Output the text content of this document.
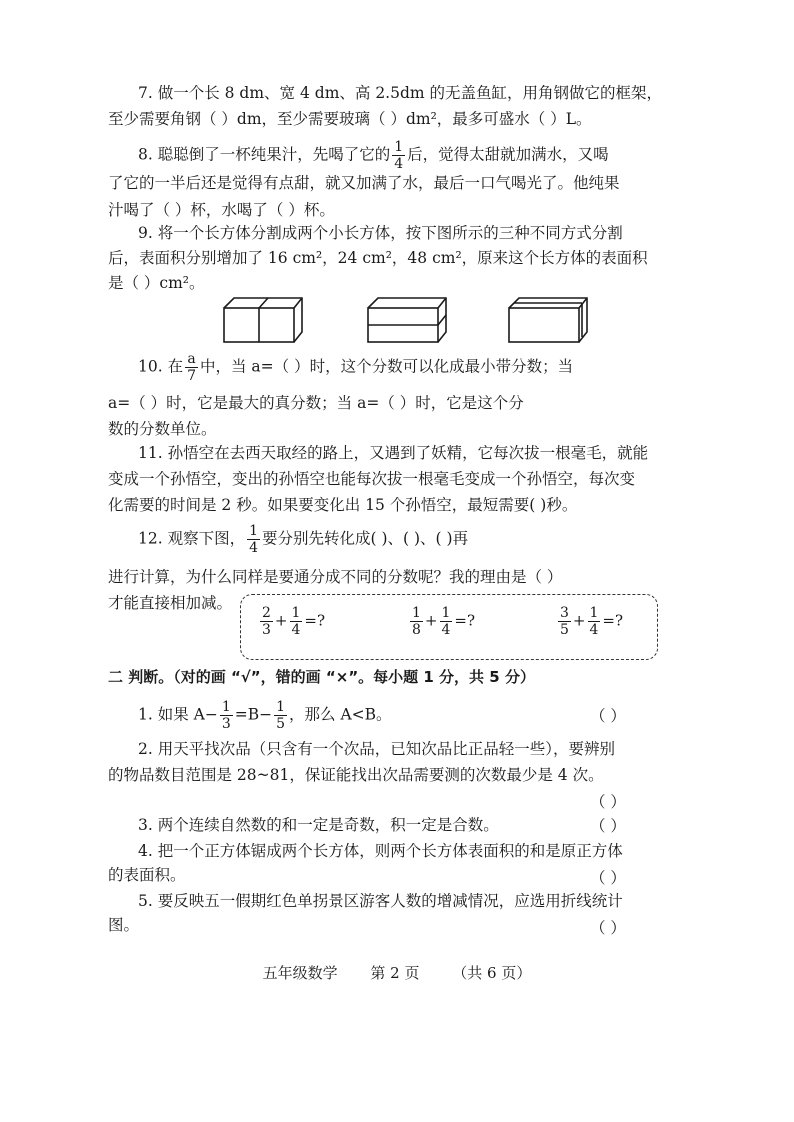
7. 做一个长 8 dm、宽 4 dm、高 2.5dm 的无盖鱼缸，用角钢做它的框架，
至少需要角钢（ ）dm，至少需要玻璃（ ）dm²，最多可盛水（ ）L。
8. 聪聪倒了一杯纯果汁，先喝了它的 $\frac{1}{4}$ 后，觉得太甜就加满水，又喝
了它的一半后还是觉得有点甜，就又加满了水，最后一口气喝光了。他纯果
汁喝了（ ）杯，水喝了（ ）杯。
9. 将一个长方体分割成两个小长方体，按下图所示的三种不同方式分割
后，表面积分别增加了 16 cm²，24 cm²，48 cm²，原来这个长方体的表面积
是（ ）cm²。
10. 在 $\frac{a}{7}$ 中，当 a=（ ）时，这个分数可以化成最小带分数；当
a=（ ）时，它是最大的真分数；当 a=（ ）时，它是这个分
数的分数单位。
11. 孙悟空在去西天取经的路上，又遇到了妖精，它每次拔一根毫毛，就能
变成一个孙悟空，变出的孙悟空也能每次拔一根毫毛变成一个孙悟空，每次变
化需要的时间是 2 秒。如果要变化出 15 个孙悟空，最短需要( )秒。
12. 观察下图， $\frac{1}{4}$ 要分别先转化成( )、( )、( )再
进行计算，为什么同样是要通分成不同的分数呢？我的理由是（ ）
才能直接相加减。
$\frac{2}{3} + \frac{1}{4}$ =?	$\frac{1}{8} + \frac{1}{4}$ =?	$\frac{3}{5} + \frac{1}{4}$ =?
二 判断。（对的画 “√”，错的画 “×”。每小题 1 分，共 5 分）
1. 如果 $A- \frac{1}{3} =B- \frac{1}{5}$ ，那么 A<B。	（ ）
2. 用天平找次品（只含有一个次品，已知次品比正品轻一些），要辨别
的物品数目范围是 28~81，保证能找出次品需要测的次数最少是 4 次。
（ ）
3. 两个连续自然数的和一定是奇数，积一定是合数。	（ ）
4. 把一个正方体锯成两个长方体，则两个长方体表面积的和是原正方体
的表面积。	（ ）
5. 要反映五一假期红色单拐景区游客人数的增减情况，应选用折线统计
图。	（ ）
五年级数学 第 2 页 （共 6 页）
